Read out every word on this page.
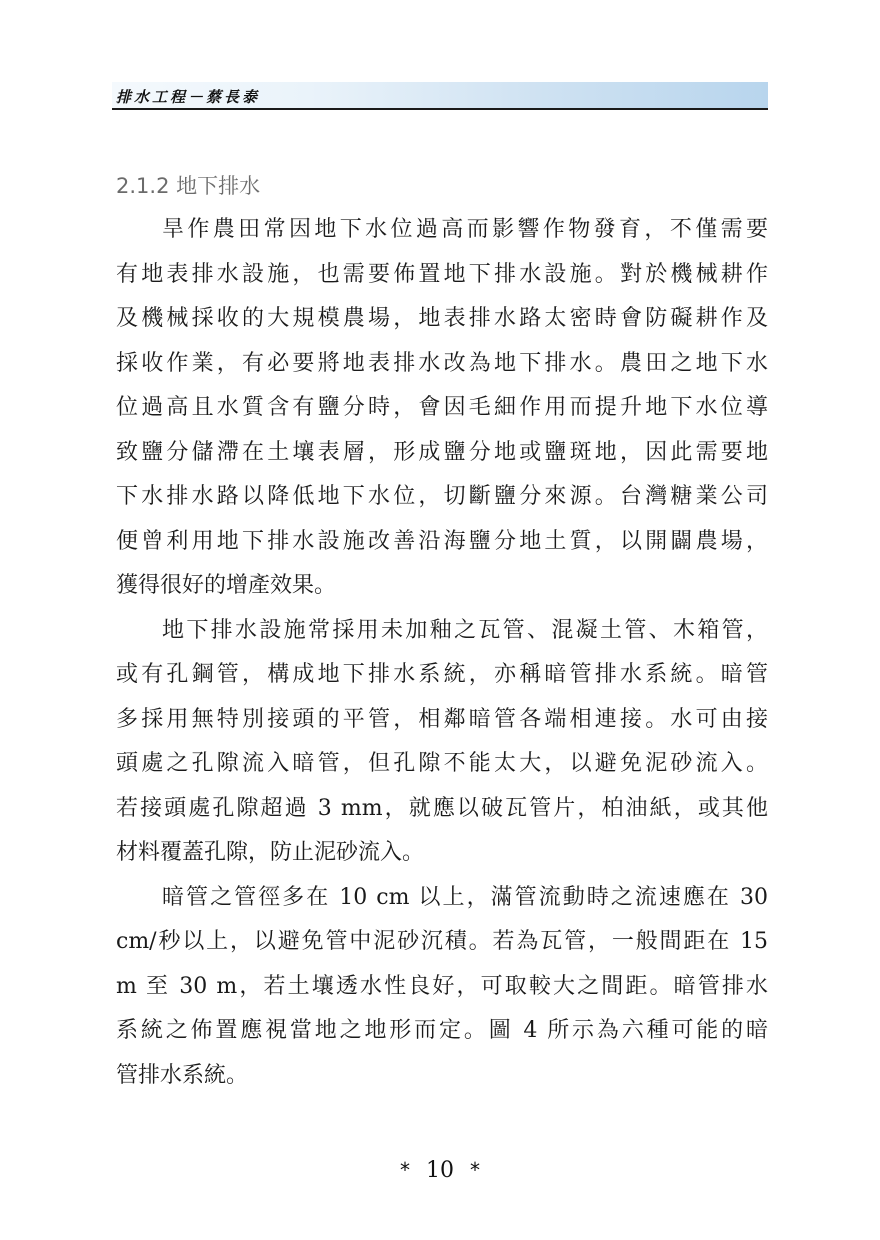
排水工程－蔡長泰
2.1.2 地下排水
旱作農田常因地下水位過高而影響作物發育，不僅需要
有地表排水設施，也需要佈置地下排水設施。對於機械耕作
及機械採收的大規模農場，地表排水路太密時會防礙耕作及
採收作業，有必要將地表排水改為地下排水。農田之地下水
位過高且水質含有鹽分時，會因毛細作用而提升地下水位導
致鹽分儲滯在土壤表層，形成鹽分地或鹽斑地，因此需要地
下水排水路以降低地下水位，切斷鹽分來源。台灣糖業公司
便曾利用地下排水設施改善沿海鹽分地土質，以開闢農場，
獲得很好的增產效果。
地下排水設施常採用未加釉之瓦管、混凝土管、木箱管，
或有孔鋼管，構成地下排水系統，亦稱暗管排水系統。暗管
多採用無特別接頭的平管，相鄰暗管各端相連接。水可由接
頭處之孔隙流入暗管，但孔隙不能太大，以避免泥砂流入。
若接頭處孔隙超過 3 mm，就應以破瓦管片，柏油紙，或其他
材料覆蓋孔隙，防止泥砂流入。
暗管之管徑多在 10 cm 以上，滿管流動時之流速應在 30
cm/秒以上，以避免管中泥砂沉積。若為瓦管，一般間距在 15
m 至 30 m，若土壤透水性良好，可取較大之間距。暗管排水
系統之佈置應視當地之地形而定。圖 4 所示為六種可能的暗
管排水系統。
* 10 *
